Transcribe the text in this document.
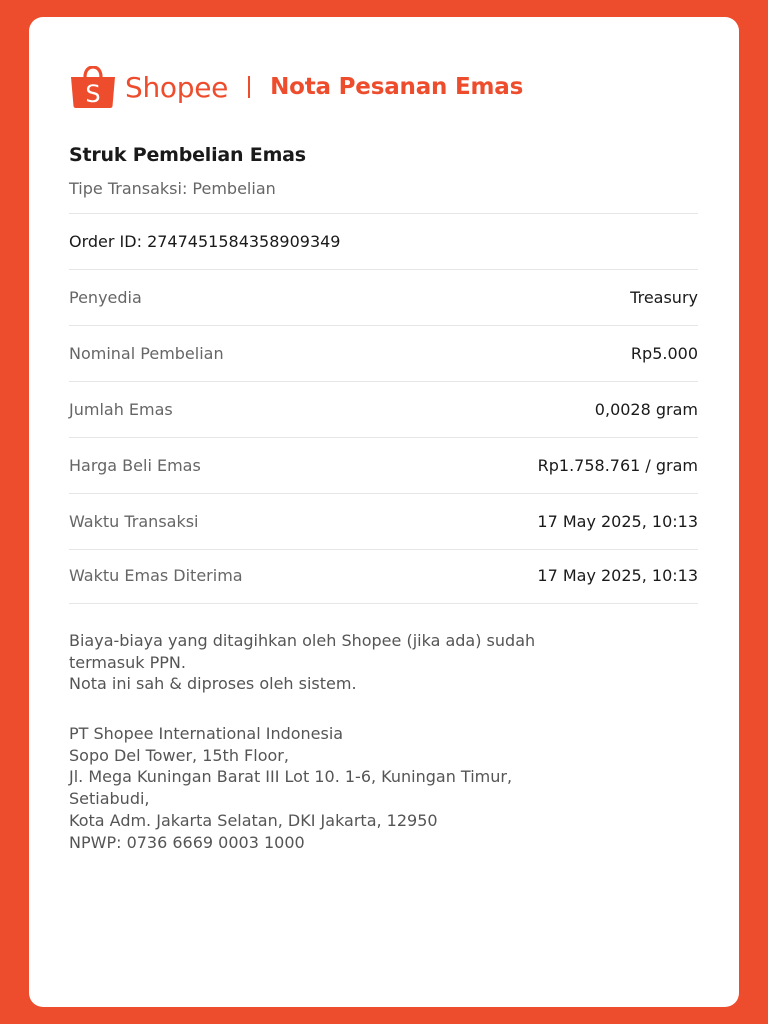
S Shopee Nota Pesanan Emas
Struk Pembelian Emas
Tipe Transaksi: Pembelian
Order ID: 2747451584358909349
Penyedia	Treasury
Nominal Pembelian	Rp5.000
Jumlah Emas	0,0028 gram
Harga Beli Emas	Rp1.758.761 / gram
Waktu Transaksi	17 May 2025, 10:13
Waktu Emas Diterima	17 May 2025, 10:13
Biaya-biaya yang ditagihkan oleh Shopee (jika ada) sudah
termasuk PPN.
Nota ini sah & diproses oleh sistem.
PT Shopee International Indonesia
Sopo Del Tower, 15th Floor,
Jl. Mega Kuningan Barat III Lot 10. 1-6, Kuningan Timur,
Setiabudi,
Kota Adm. Jakarta Selatan, DKI Jakarta, 12950
NPWP: 0736 6669 0003 1000
